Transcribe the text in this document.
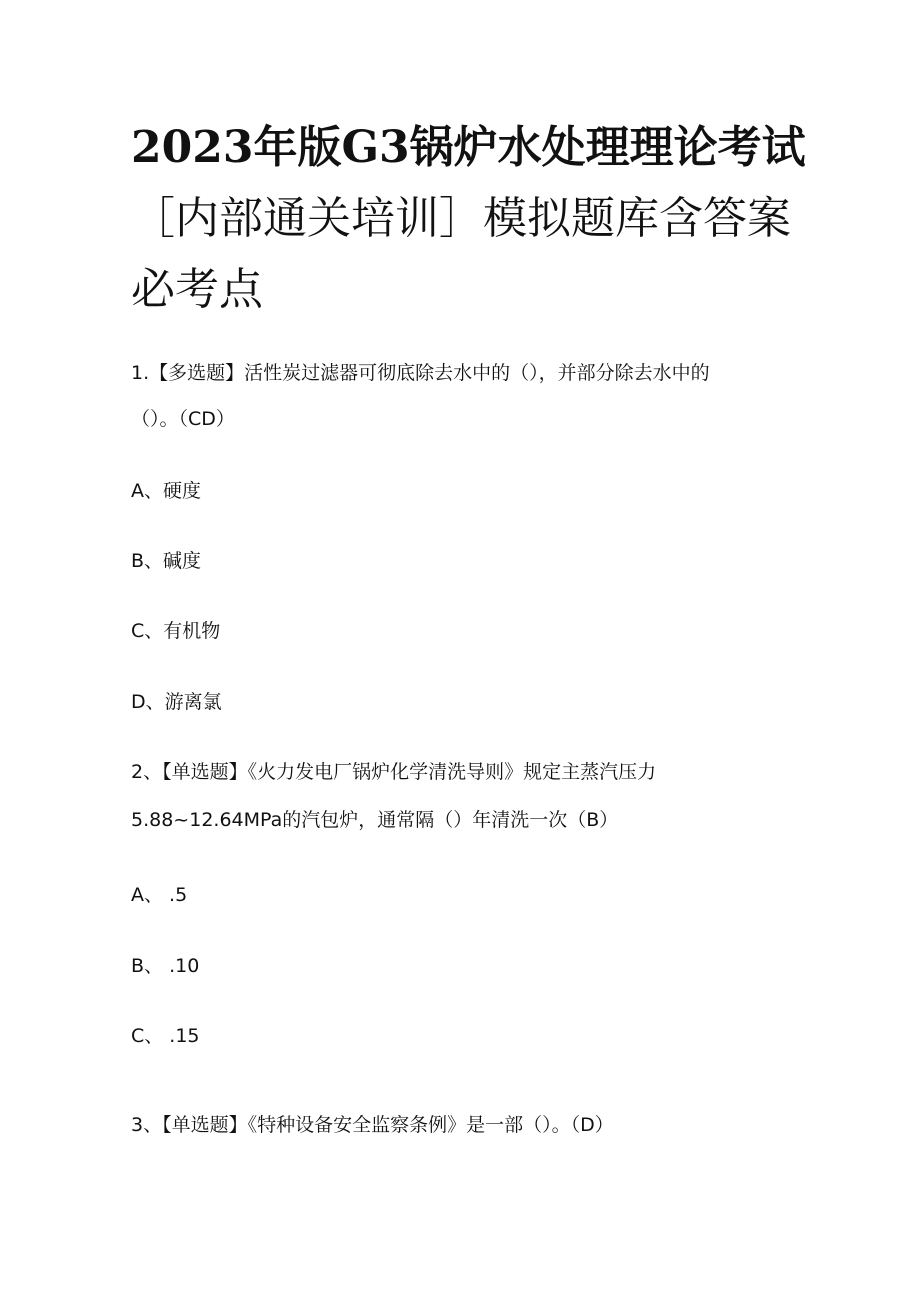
2023年版G3锅炉水处理理论考试
［内部通关培训］模拟题库含答案
必考点
1.【多选题】活性炭过滤器可彻底除去水中的（），并部分除去水中的
（）。（CD）
A、硬度
B、碱度
C、有机物
D、游离氯
2、【单选题】《火力发电厂锅炉化学清洗导则》规定主蒸汽压力
5.88~12.64MPa的汽包炉，通常隔（）年清洗一次（B）
A、 .5
B、 .10
C、 .15
3、【单选题】《特种设备安全监察条例》是一部（）。（D）
